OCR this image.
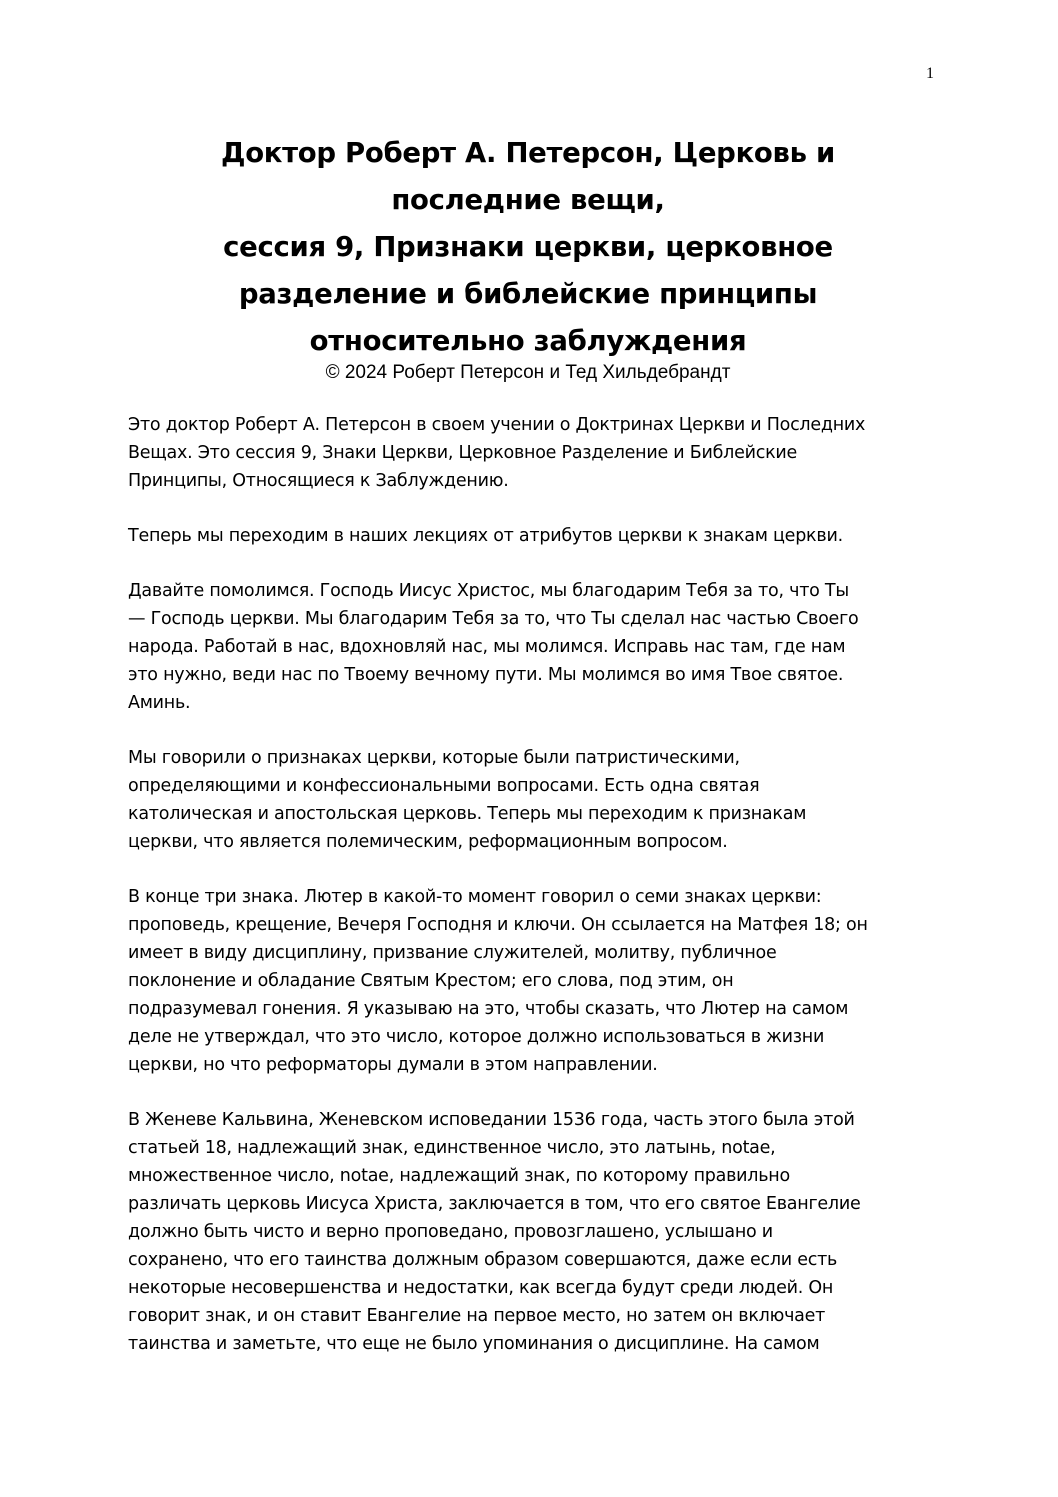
1
Доктор Роберт А. Петерсон, Церковь и
последние вещи,
сессия 9, Признаки церкви, церковное
разделение и библейские принципы
относительно заблуждения
© 2024 Роберт Петерсон и Тед Хильдебрандт

Это доктор Роберт А. Петерсон в своем учении о Доктринах Церкви и Последних
Вещах. Это сессия 9, Знаки Церкви, Церковное Разделение и Библейские
Принципы, Относящиеся к Заблуждению.

Теперь мы переходим в наших лекциях от атрибутов церкви к знакам церкви.

Давайте помолимся. Господь Иисус Христос, мы благодарим Тебя за то, что Ты
— Господь церкви. Мы благодарим Тебя за то, что Ты сделал нас частью Своего
народа. Работай в нас, вдохновляй нас, мы молимся. Исправь нас там, где нам
это нужно, веди нас по Твоему вечному пути. Мы молимся во имя Твое святое.
Аминь.

Мы говорили о признаках церкви, которые были патристическими,
определяющими и конфессиональными вопросами. Есть одна святая
католическая и апостольская церковь. Теперь мы переходим к признакам
церкви, что является полемическим, реформационным вопросом.

В конце три знака. Лютер в какой-то момент говорил о семи знаках церкви:
проповедь, крещение, Вечеря Господня и ключи. Он ссылается на Матфея 18; он
имеет в виду дисциплину, призвание служителей, молитву, публичное
поклонение и обладание Святым Крестом; его слова, под этим, он
подразумевал гонения. Я указываю на это, чтобы сказать, что Лютер на самом
деле не утверждал, что это число, которое должно использоваться в жизни
церкви, но что реформаторы думали в этом направлении.

В Женеве Кальвина, Женевском исповедании 1536 года, часть этого была этой
статьей 18, надлежащий знак, единственное число, это латынь, notae,
множественное число, notae, надлежащий знак, по которому правильно
различать церковь Иисуса Христа, заключается в том, что его святое Евангелие
должно быть чисто и верно проповедано, провозглашено, услышано и
сохранено, что его таинства должным образом совершаются, даже если есть
некоторые несовершенства и недостатки, как всегда будут среди людей. Он
говорит знак, и он ставит Евангелие на первое место, но затем он включает
таинства и заметьте, что еще не было упоминания о дисциплине. На самом
